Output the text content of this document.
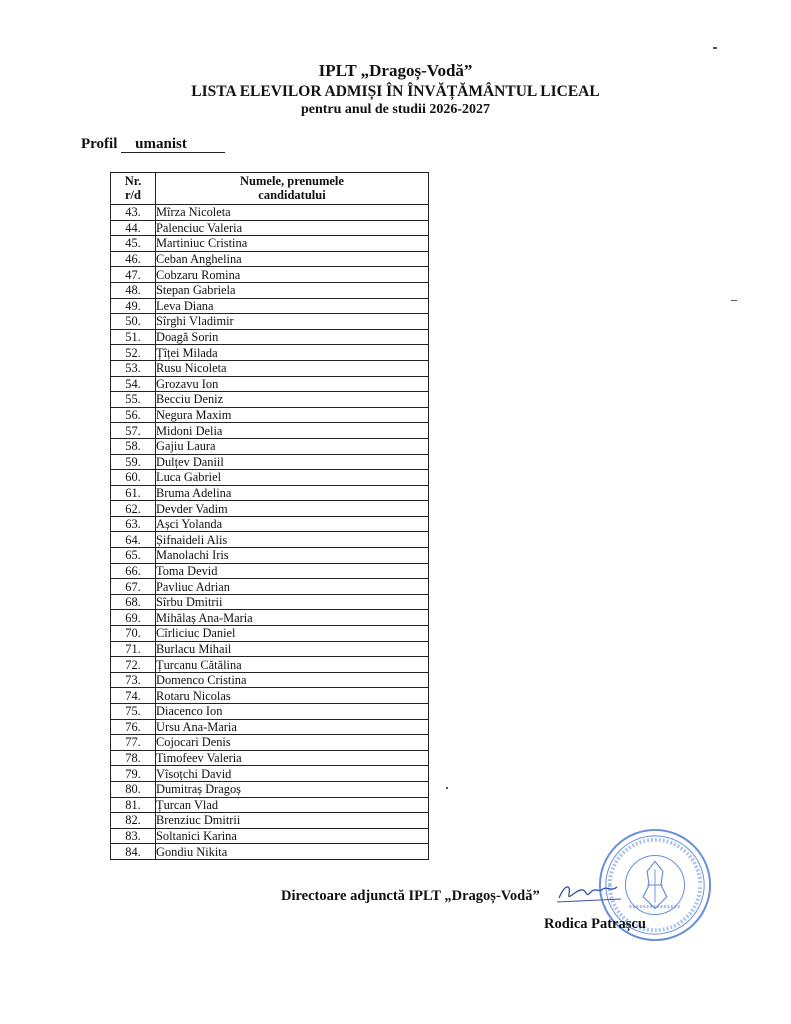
IPLT „Dragoș-Vodă”
LISTA ELEVILOR ADMIȘI ÎN ÎNVĂȚĂMÂNTUL LICEAL
pentru anul de studii 2026-2027
Profil umanist
Nr.
r/d	Numele, prenumele
candidatului
43.	Mîrza Nicoleta
44.	Palenciuc Valeria
45.	Martiniuc Cristina
46.	Ceban Anghelina
47.	Cobzaru Romina
48.	Stepan Gabriela
49.	Leva Diana
50.	Sîrghi Vladimir
51.	Doagă Sorin
52.	Țîței Milada
53.	Rusu Nicoleta
54.	Grozavu Ion
55.	Becciu Deniz
56.	Negura Maxim
57.	Midoni Delia
58.	Gajiu Laura
59.	Dulțev Daniil
60.	Luca Gabriel
61.	Bruma Adelina
62.	Devder Vadim
63.	Așci Yolanda
64.	Șifnaideli Alis
65.	Manolachi Iris
66.	Toma Devid
67.	Pavliuc Adrian
68.	Sîrbu Dmitrii
69.	Mihălaș Ana-Maria
70.	Cîrliciuc Daniel
71.	Burlacu Mihail
72.	Țurcanu Cătălina
73.	Domenco Cristina
74.	Rotaru Nicolas
75.	Diacenco Ion
76.	Ursu Ana-Maria
77.	Cojocari Denis
78.	Timofeev Valeria
79.	Vîsoțchi David
80.	Dumitraș Dragoș
81.	Țurcan Vlad
82.	Brenziuc Dmitrii
83.	Soltanici Karina
84.	Gondiu Nikita
Directoare adjunctă IPLT „Dragoș-Vodă”
Rodica Patrașcu
